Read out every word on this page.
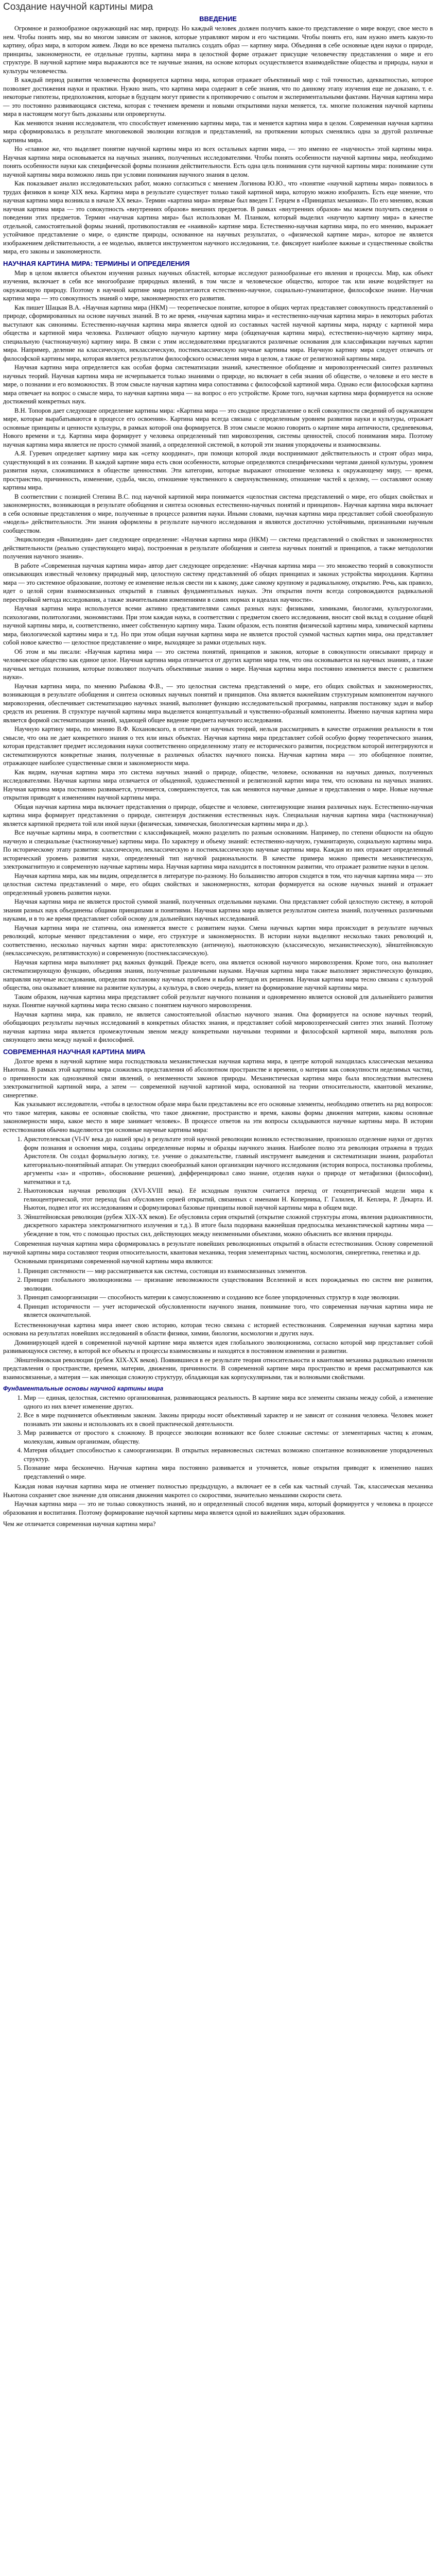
Создание научной картины мира
ВВЕДЕНИЕ

Огромное и разнообразное окружающий нас мир, природу. Но каждый человек должен получить какое-то представление о мире вокруг, свое место в нем. Чтобы понять мир, мы во многом зависим от законов, которые управляют миром и его частицами. Чтобы понять его, нам нужно иметь какую-то картину, образ мира, в котором живем. Люди во все времена пытались создать образ — картину мира. Объединяя в себе основные идеи науки о природе, принципы, закономерности, ее отдельные группы, картина мира в целостной форме отражает присущие человечеству представления о мире и его структуре. В научной картине мира выражаются все те научные знания, на основе которых осуществляется взаимодействие общества и природы, науки и культуры человечества.

В каждый период развития человечества формируется картина мира, которая отражает объективный мир с той точностью, адекватностью, которое позволяет достижения науки и практики. Нужно знать, что картина мира содержит в себе знания, что по данному этапу изучения еще не доказано, т. е. некоторые гипотезы, предположения, которые в будущем могут привести к противоречию с опытом и экспериментальными фактами. Научная картина мира — это постоянно развивающаяся система, которая с течением времени и новыми открытиями науки меняется, т.к. многие положения научной картины мира в настоящем могут быть доказаны или опровергнуты.

Как меняются знания исследователя, что способствует изменению картины мира, так и меняется картина мира в целом. Современная научная картина мира сформировалась в результате многовековой эволюции взглядов и представлений, на протяжении которых сменялись одна за другой различные картины мира.

Но «главное же, что выделяет понятие научной картины мира из всех остальных картин мира, — это именно ее «научность» этой картины мира. Научная картина мира основывается на научных знаниях, полученных исследователями. Чтобы понять особенности научной картины мира, необходимо понять особенности науки как специфической формы познания действительности. Есть одна цель понимания сути научной картины мира: понимание сути научной картины мира возможно лишь при условии понимания научного знания в целом.

Как показывает анализ исследовательских работ, можно согласиться с мнением Логинова Ю.Ю., что «понятие «научной картины мира» появилось в трудах физиков в конце XIX века. Картина мира в результате существует только такой картиной мира, которую можно изобразить. Есть еще мнение, что научная картина мира возникла в начале XX века». Термин «картина мира» впервые был введен Г. Герцем в «Принципах механики». По его мнению, всякая научная картина мира — это совокупность «внутренних образов» внешних предметов. В рамках «внутренних образов» мы можем получить сведения о поведении этих предметов. Термин «научная картина мира» был использован М. Планком, который выделил «научную картину мира» в качестве отдельной, самостоятельной формы знаний, противопоставляя ее «наивной» картине мира. Естественно-научная картина мира, по его мнению, выражает устойчивое представление о мире, о единстве природы, основанное на научных результатах, о «физической картине мира», которое не является изображением действительности, а ее моделью, является инструментом научного исследования, т.е. фиксирует наиболее важные и существенные свойства мира, его законы и закономерности.

НАУЧНАЯ КАРТИНА МИРА: ТЕРМИНЫ И ОПРЕДЕЛЕНИЯ

Мир в целом является объектом изучения разных научных областей, которые исследуют разнообразные его явления и процессы. Мир, как объект изучения, включает в себя все многообразие природных явлений, в том числе и человеческое общество, которое так или иначе воздействует на окружающую природу. Поэтому в научной картине мира переплетаются естественно-научное, социально-гуманитарное, философское знание. Научная картина мира — это совокупность знаний о мире, закономерностях его развития.

Как пишет Шацкая В.А. «Научная картина мира (НКМ) — теоретическое понятие, которое в общих чертах представляет совокупность представлений о природе, сформированных на основе научных знаний. В то же время, «научная картина мира» и «естественно-научная картина мира» в некоторых работах выступают как синонимы. Естественно-научная картина мира является одной из составных частей научной картины мира, наряду с картиной мира общества и картиной мира человека. Различают общую научную картину мира (общенаучная картина мира), естественно-научную картину мира, специальную (частнонаучную) картину мира. В связи с этим исследователями предлагаются различные основания для классификации научных картин мира. Например, деление на классическую, неклассическую, постнеклассическую научные картины мира. Научную картину мира следует отличать от философской картины мира, которая является результатом философского осмысления мира в целом, а также от религиозной картины мира.

Научная картина мира определяется как особая форма систематизации знаний, качественное обобщение и мировоззренческий синтез различных научных теорий. Научная картина мира не исчерпывается только знаниями о природе, но включает в себя знания об обществе, о человеке и его месте в мире, о познании и его возможностях. В этом смысле научная картина мира сопоставима с философской картиной мира. Однако если философская картина мира отвечает на вопрос о смысле мира, то научная картина мира — на вопрос о его устройстве. Кроме того, научная картина мира формируется на основе достижений конкретных наук.

В.Н. Топоров дает следующее определение картины мира: «Картина мира — это сводное представление о всей совокупности сведений об окружающем мире, которые вырабатываются в процессе его освоения». Картина мира всегда связана с определенным уровнем развития науки и культуры, отражает основные принципы и ценности культуры, в рамках которой она формируется. В этом смысле можно говорить о картине мира античности, средневековья, Нового времени и т.д. Картина мира формирует у человека определенный тип мировоззрения, системы ценностей, способ понимания мира. Поэтому научная картина мира является не просто суммой знаний, а определенной системой, в которой эти знания упорядочены и взаимосвязаны.

А.Я. Гуревич определяет картину мира как «сетку координат», при помощи которой люди воспринимают действительность и строят образ мира, существующий в их сознании. В каждой картине мира есть свои особенности, которые определяются специфическими чертами данной культуры, уровнем развития науки, сложившимися в обществе ценностями. Эти категории, которые выражают отношение человека к окружающему миру, — время, пространство, причинность, изменение, судьба, число, отношение чувственного к сверхчувственному, отношение частей к целому, — составляют основу картины мира.

В соответствии с позицией Степина В.С. под научной картиной мира понимается «целостная система представлений о мире, его общих свойствах и закономерностях, возникающая в результате обобщения и синтеза основных естественно-научных понятий и принципов». Научная картина мира включает в себя основные представления о мире, полученные в процессе развития науки. Иными словами, научная картина мира представляет собой своеобразную «модель» действительности. Эти знания оформлены в результате научного исследования и являются достаточно устойчивыми, признанными научным сообществом.

Энциклопедия «Википедия» дает следующее определение: «Научная картина мира (НКМ) — система представлений о свойствах и закономерностях действительности (реально существующего мира), построенная в результате обобщения и синтеза научных понятий и принципов, а также методологии получения научного знания».

В работе «Современная научная картина мира» автор дает следующее определение: «Научная картина мира — это множество теорий в совокупности описывающих известный человеку природный мир, целостную систему представлений об общих принципах и законах устройства мироздания. Картина мира — это системное образование, поэтому ее изменение нельзя свести ни к какому, даже самому крупному и радикальному, открытию. Речь, как правило, идет о целой серии взаимосвязанных открытий в главных фундаментальных науках. Эти открытия почти всегда сопровождаются радикальной перестройкой метода исследования, а также значительными изменениями в самих нормах и идеалах научности».

Научная картина мира используется всеми активно представителями самых разных наук: физиками, химиками, биологами, культурологами, психологами, политологами, экономистами. При этом каждая наука, в соответствии с предметом своего исследования, вносит свой вклад в создание общей научной картины мира, и, соответственно, имеет собственную картину мира. Таким образом, есть понятия физической картины мира, химической картины мира, биологической картины мира и т.д. Но при этом общая научная картина мира не является простой суммой частных картин мира, она представляет собой новое качество — целостное представление о мире, выходящее за рамки отдельных наук.

Об этом и мы писали: «Научная картина мира — это система понятий, принципов и законов, которые в совокупности описывают природу и человеческое общество как единое целое. Научная картина мира отличается от других картин мира тем, что она основывается на научных знаниях, а также научных методах познания, которые позволяют получать объективные знания о мире. Научная картина мира постоянно изменяется вместе с развитием науки».

Научная картина мира, по мнению Рыбакова Ф.В., — это целостная система представлений о мире, его общих свойствах и закономерностях, возникающая в результате обобщения и синтеза основных научных понятий и принципов. Она является важнейшим структурным компонентом научного мировоззрения, обеспечивает систематизацию научных знаний, выполняет функцию исследовательской программы, направляя постановку задач и выбор средств их решения. В структуре научной картины мира выделяется концептуальный и чувственно-образный компоненты. Именно научная картина мира является формой систематизации знаний, задающей общее видение предмета научного исследования.

Научную картину мира, по мнению В.Ф. Кохановского, в отличие от научных теорий, нельзя рассматривать в качестве отражения реальности в том смысле, что она не дает конкретного знания о тех или иных объектах. Научная картина мира представляет собой особую форму теоретического знания, которая представляет предмет исследования науки соответственно определенному этапу ее исторического развития, посредством которой интегрируются и систематизируются конкретные знания, полученные в различных областях научного поиска. Научная картина мира — это обобщенное понятие, отражающее наиболее существенные связи и закономерности мира.

Как видим, научная картина мира это система научных знаний о природе, обществе, человеке, основанная на научных данных, полученных исследователями. Научная картина мира отличается от обыденной, художественной и религиозной картин мира тем, что основана на научных знаниях. Научная картина мира постоянно развивается, уточняется, совершенствуется, так как меняются научные данные и представления о мире. Новые научные открытия приводят к изменениям научной картины мира.

Общая научная картина мира включает представления о природе, обществе и человеке, синтезирующие знания различных наук. Естественно-научная картина мира формирует представления о природе, синтезируя достижения естественных наук. Специальная научная картина мира (частнонаучная) является картиной предмета той или иной науки (физическая, химическая, биологическая картины мира и др.).

Все научные картины мира, в соответствии с классификацией, можно разделить по разным основаниям. Например, по степени общности на общую научную и специальные (частнонаучные) картины мира. По характеру и объему знаний: естественно-научную, гуманитарную, социальную картины мира. По историческому этапу развития: классическую, неклассическую и постнеклассическую научные картины мира. Каждая из них отражает определенный исторический уровень развития науки, определенный тип научной рациональности. В качестве примера можно привести механистическую, электромагнитную и современную научные картины мира. Научная картина мира находится в постоянном развитии, что отражает развитие науки в целом.

Научная картина мира, как мы видим, определяется в литературе по-разному. Но большинство авторов сходятся в том, что научная картина мира — это целостная система представлений о мире, его общих свойствах и закономерностях, которая формируется на основе научных знаний и отражает определенный уровень развития науки.

Научная картина мира не является простой суммой знаний, полученных отдельными науками. Она представляет собой целостную систему, в которой знания разных наук объединены общими принципами и понятиями. Научная картина мира является результатом синтеза знаний, полученных различными науками, и в то же время представляет собой основу для дальнейших научных исследований.

Научная картина мира не статична, она изменяется вместе с развитием науки. Смена научных картин мира происходит в результате научных революций, которые меняют представления о мире, его структуре и закономерностях. В истории науки выделяют несколько таких революций и, соответственно, несколько научных картин мира: аристотелевскую (античную), ньютоновскую (классическую, механистическую), эйнштейновскую (неклассическую, релятивистскую) и современную (постнеклассическую).

Научная картина мира выполняет ряд важных функций. Прежде всего, она является основой научного мировоззрения. Кроме того, она выполняет систематизирующую функцию, объединяя знания, полученные различными науками. Научная картина мира также выполняет эвристическую функцию, направляя научные исследования, определяя постановку научных проблем и выбор методов их решения. Научная картина мира тесно связана с культурой общества, она оказывает влияние на развитие культуры, а культура, в свою очередь, влияет на формирование научной картины мира.

Таким образом, научная картина мира представляет собой результат научного познания и одновременно является основой для дальнейшего развития науки. Понятие научной картины мира тесно связано с понятием научного мировоззрения.

Научная картина мира, как правило, не является самостоятельной областью научного знания. Она формируется на основе научных теорий, обобщающих результаты научных исследований в конкретных областях знания, и представляет собой мировоззренческий синтез этих знаний. Поэтому научная картина мира является промежуточным звеном между конкретными научными теориями и философской картиной мира, выполняя роль связующего звена между наукой и философией.

СОВРЕМЕННАЯ НАУЧНАЯ КАРТИНА МИРА

Долгое время в научной картине мира господствовала механистическая научная картина мира, в центре которой находилась классическая механика Ньютона. В рамках этой картины мира сложились представления об абсолютном пространстве и времени, о материи как совокупности неделимых частиц, о причинности как однозначной связи явлений, о неизменности законов природы. Механистическая картина мира была впоследствии вытеснена электромагнитной картиной мира, а затем — современной научной картиной мира, основанной на теории относительности, квантовой механике, синергетике.

Как указывают исследователи, «чтобы в целостном образе мира были представлены все его основные элементы, необходимо ответить на ряд вопросов: что такое материя, каковы ее основные свойства, что такое движение, пространство и время, каковы формы движения материи, каковы основные закономерности мира, какое место в мире занимает человек». В процессе ответов на эти вопросы складываются научные картины мира. В истории естествознания обычно выделяются три основные научные картины мира:

1. Аристотелевская (VI-IV века до нашей эры) в результате этой научной революции возникло естествознание, произошло отделение науки от других форм познания и освоения мира, созданы определенные нормы и образцы научного знания. Наиболее полно эта революция отражена в трудах Аристотеля. Он создал формальную логику, т.е. учение о доказательстве, главный инструмент выведения и систематизации знания, разработал категориально-понятийный аппарат. Он утвердил своеобразный канон организации научного исследования (история вопроса, постановка проблемы, аргументы «за» и «против», обоснование решения), дифференцировал само знание, отделив науки о природе от метафизики (философии), математики и т.д.
2. Ньютоновская научная революция (XVI-XVIII века). Её исходным пунктом считается переход от геоцентрической модели мира к гелиоцентрической, этот переход был обусловлен серией открытий, связанных с именами Н. Коперника, Г. Галилея, И. Кеплера, Р. Декарта. И. Ньютон, подвел итог их исследованиям и сформулировал базовые принципы новой научной картины мира в общем виде.
3. Эйнштейновская революция (рубеж XIX-XX веков). Ее обусловила серия открытий (открытие сложной структуры атома, явления радиоактивности, дискретного характера электромагнитного излучения и т.д.). В итоге была подорвана важнейшая предпосылка механистической картины мира — убеждение в том, что с помощью простых сил, действующих между неизменными объектами, можно объяснить все явления природы.

Современная научная картина мира сформировалась в результате новейших революционных открытий в области естествознания. Основу современной научной картины мира составляют теория относительности, квантовая механика, теория элементарных частиц, космология, синергетика, генетика и др.

Основными принципами современной научной картины мира являются:

1. Принцип системности — мир рассматривается как система, состоящая из взаимосвязанных элементов.
2. Принцип глобального эволюционизма — признание невозможности существования Вселенной и всех порождаемых ею систем вне развития, эволюции.
3. Принцип самоорганизации — способность материи к самоусложнению и созданию все более упорядоченных структур в ходе эволюции.
4. Принцип историчности — учет исторической обусловленности научного знания, понимание того, что современная научная картина мира не является окончательной.

Естественнонаучная картина мира имеет свою историю, которая тесно связана с историей естествознания. Современная научная картина мира основана на результатах новейших исследований в области физики, химии, биологии, космологии и других наук.

Доминирующей идеей в современной научной картине мира является идея глобального эволюционизма, согласно которой мир представляет собой развивающуюся систему, в которой все объекты и процессы взаимосвязаны и находятся в постоянном изменении и развитии.

Эйнштейновская революция (рубеж XIX-XX веков). Появившиеся в ее результате теория относительности и квантовая механика радикально изменили представления о пространстве, времени, материи, движении, причинности. В современной картине мира пространство и время рассматриваются как взаимосвязанные, а материя — как имеющая сложную структуру, обладающая как корпускулярными, так и волновыми свойствами.

Фундаментальные основы научной картины мира
1. Мир — единая, целостная, системно организованная, развивающаяся реальность. В картине мира все элементы связаны между собой, а изменение одного из них влечет изменение других.
2. Все в мире подчиняется объективным законам. Законы природы носят объективный характер и не зависят от сознания человека. Человек может познавать эти законы и использовать их в своей практической деятельности.
3. Мир развивается от простого к сложному. В процессе эволюции возникают все более сложные системы: от элементарных частиц к атомам, молекулам, живым организмам, обществу.
4. Материя обладает способностью к самоорганизации. В открытых неравновесных системах возможно спонтанное возникновение упорядоченных структур.
5. Познание мира бесконечно. Научная картина мира постоянно развивается и уточняется, новые открытия приводят к изменению наших представлений о мире.

Каждая новая научная картина мира не отменяет полностью предыдущую, а включает ее в себя как частный случай. Так, классическая механика Ньютона сохраняет свое значение для описания движения макротел со скоростями, значительно меньшими скорости света.

Научная картина мира — это не только совокупность знаний, но и определенный способ видения мира, который формируется у человека в процессе образования и воспитания. Поэтому формирование научной картины мира является одной из важнейших задач образования.

Чем же отличается современная научная картина мира?
